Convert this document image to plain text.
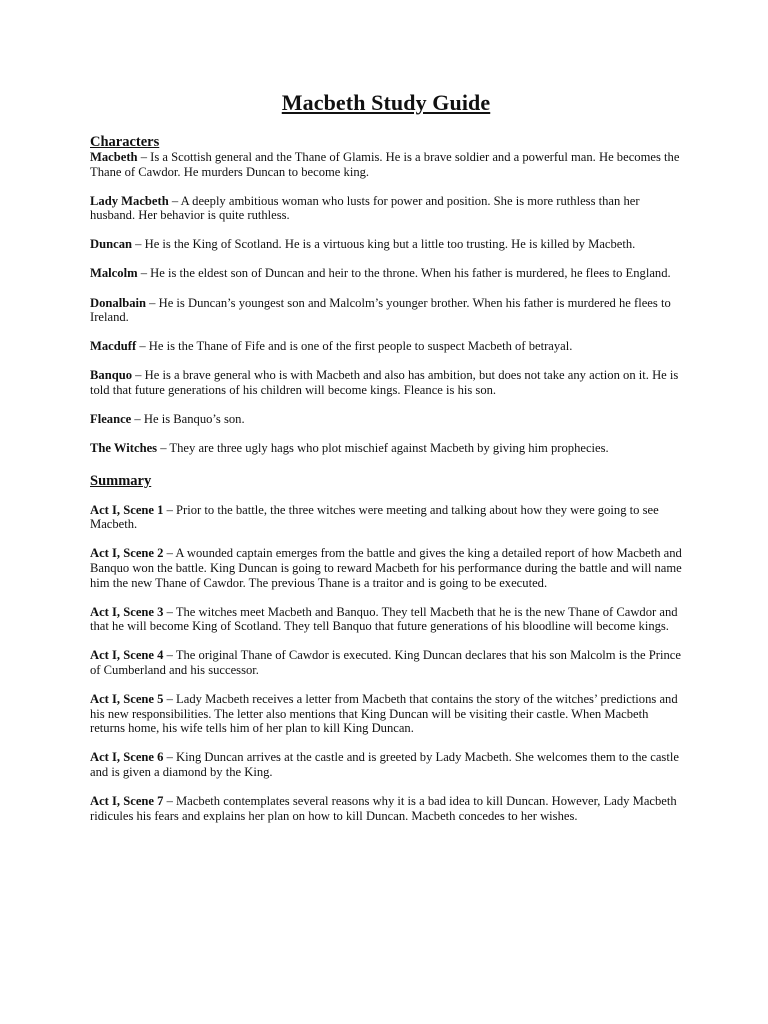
Macbeth Study Guide
Characters

Macbeth – Is a Scottish general and the Thane of Glamis. He is a brave soldier and a powerful man. He becomes the Thane of Cawdor. He murders Duncan to become king.

Lady Macbeth – A deeply ambitious woman who lusts for power and position. She is more ruthless than her husband. Her behavior is quite ruthless.

Duncan – He is the King of Scotland. He is a virtuous king but a little too trusting. He is killed by Macbeth.

Malcolm – He is the eldest son of Duncan and heir to the throne. When his father is murdered, he flees to England.

Donalbain – He is Duncan’s youngest son and Malcolm’s younger brother. When his father is murdered he flees to Ireland.

Macduff – He is the Thane of Fife and is one of the first people to suspect Macbeth of betrayal.

Banquo – He is a brave general who is with Macbeth and also has ambition, but does not take any action on it. He is told that future generations of his children will become kings. Fleance is his son.

Fleance – He is Banquo’s son.

The Witches – They are three ugly hags who plot mischief against Macbeth by giving him prophecies.

Summary

Act I, Scene 1 – Prior to the battle, the three witches were meeting and talking about how they were going to see Macbeth.

Act I, Scene 2 – A wounded captain emerges from the battle and gives the king a detailed report of how Macbeth and Banquo won the battle. King Duncan is going to reward Macbeth for his performance during the battle and will name him the new Thane of Cawdor. The previous Thane is a traitor and is going to be executed.

Act I, Scene 3 – The witches meet Macbeth and Banquo. They tell Macbeth that he is the new Thane of Cawdor and that he will become King of Scotland. They tell Banquo that future generations of his bloodline will become kings.

Act I, Scene 4 – The original Thane of Cawdor is executed. King Duncan declares that his son Malcolm is the Prince of Cumberland and his successor.

Act I, Scene 5 – Lady Macbeth receives a letter from Macbeth that contains the story of the witches’ predictions and his new responsibilities. The letter also mentions that King Duncan will be visiting their castle. When Macbeth returns home, his wife tells him of her plan to kill King Duncan.

Act I, Scene 6 – King Duncan arrives at the castle and is greeted by Lady Macbeth. She welcomes them to the castle and is given a diamond by the King.

Act I, Scene 7 – Macbeth contemplates several reasons why it is a bad idea to kill Duncan. However, Lady Macbeth ridicules his fears and explains her plan on how to kill Duncan. Macbeth concedes to her wishes.
